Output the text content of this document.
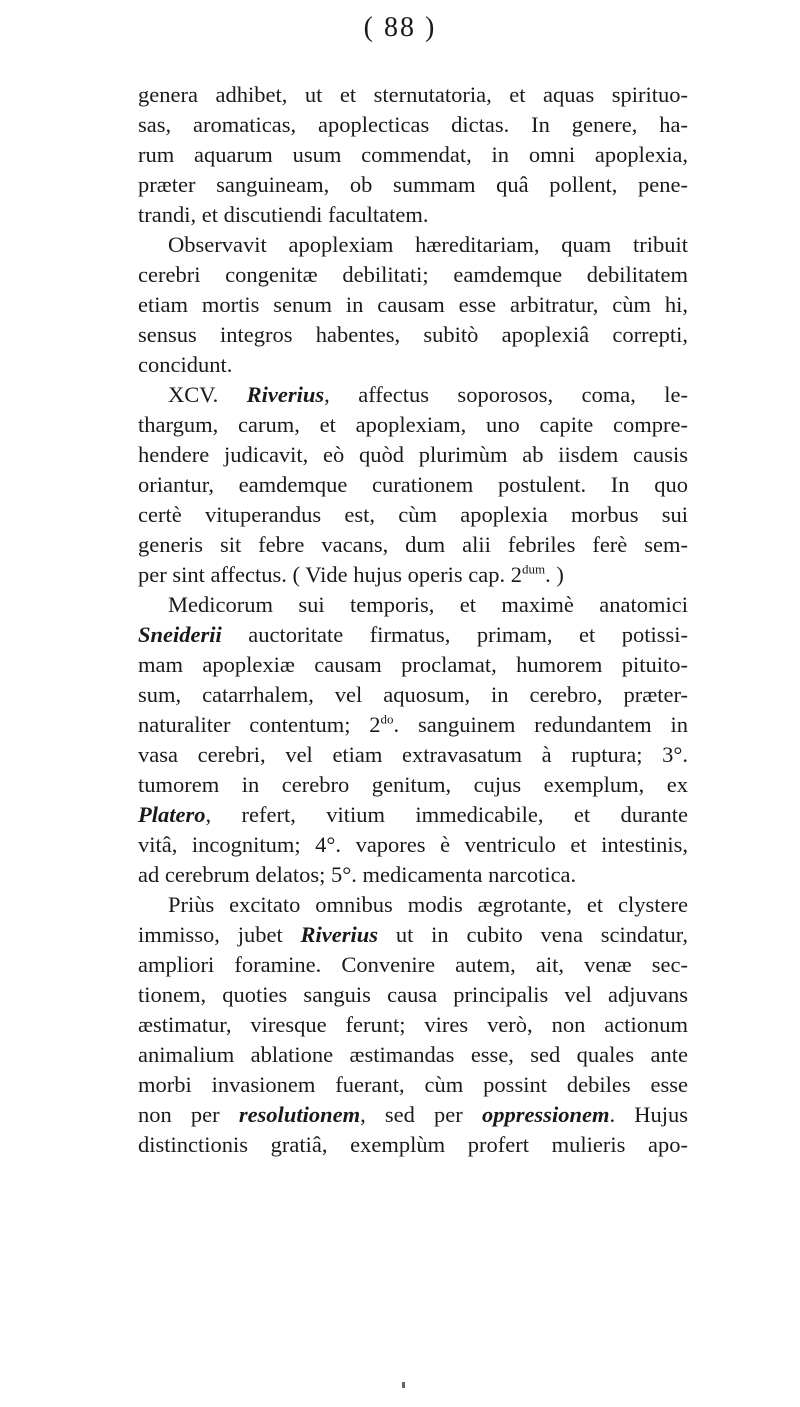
( 88 )
genera adhibet, ut et sternutatoria, et aquas spirituo-
sas, aromaticas, apoplecticas dictas. In genere, ha-
rum aquarum usum commendat, in omni apoplexia,
præter sanguineam, ob summam quâ pollent, pene-
trandi, et discutiendi facultatem.
Observavit apoplexiam hæreditariam, quam tribuit
cerebri congenitæ debilitati; eamdemque debilitatem
etiam mortis senum in causam esse arbitratur, cùm hi,
sensus integros habentes, subitò apoplexiâ correpti,
concidunt.
XCV. Riverius, affectus soporosos, coma, le-
thargum, carum, et apoplexiam, uno capite compre-
hendere judicavit, eò quòd plurimùm ab iisdem causis
oriantur, eamdemque curationem postulent. In quo
certè vituperandus est, cùm apoplexia morbus sui
generis sit febre vacans, dum alii febriles ferè sem-
per sint affectus. ( Vide hujus operis cap. $2^{dum}$. )
Medicorum sui temporis, et maximè anatomici
Sneiderii auctoritate firmatus, primam, et potissi-
mam apoplexiæ causam proclamat, humorem pituito-
sum, catarrhalem, vel aquosum, in cerebro, præter-
naturaliter contentum; $2^{do}$. sanguinem redundantem in
vasa cerebri, vel etiam extravasatum à ruptura; 3°.
tumorem in cerebro genitum, cujus exemplum, ex
Platero, refert, vitium immedicabile, et durante
vitâ, incognitum; 4°. vapores è ventriculo et intestinis,
ad cerebrum delatos; 5°. medicamenta narcotica.
Priùs excitato omnibus modis ægrotante, et clystere
immisso, jubet Riverius ut in cubito vena scindatur,
ampliori foramine. Convenire autem, ait, venæ sec-
tionem, quoties sanguis causa principalis vel adjuvans
æstimatur, viresque ferunt; vires verò, non actionum
animalium ablatione æstimandas esse, sed quales ante
morbi invasionem fuerant, cùm possint debiles esse
non per resolutionem, sed per oppressionem. Hujus
distinctionis gratiâ, exemplùm profert mulieris apo-
